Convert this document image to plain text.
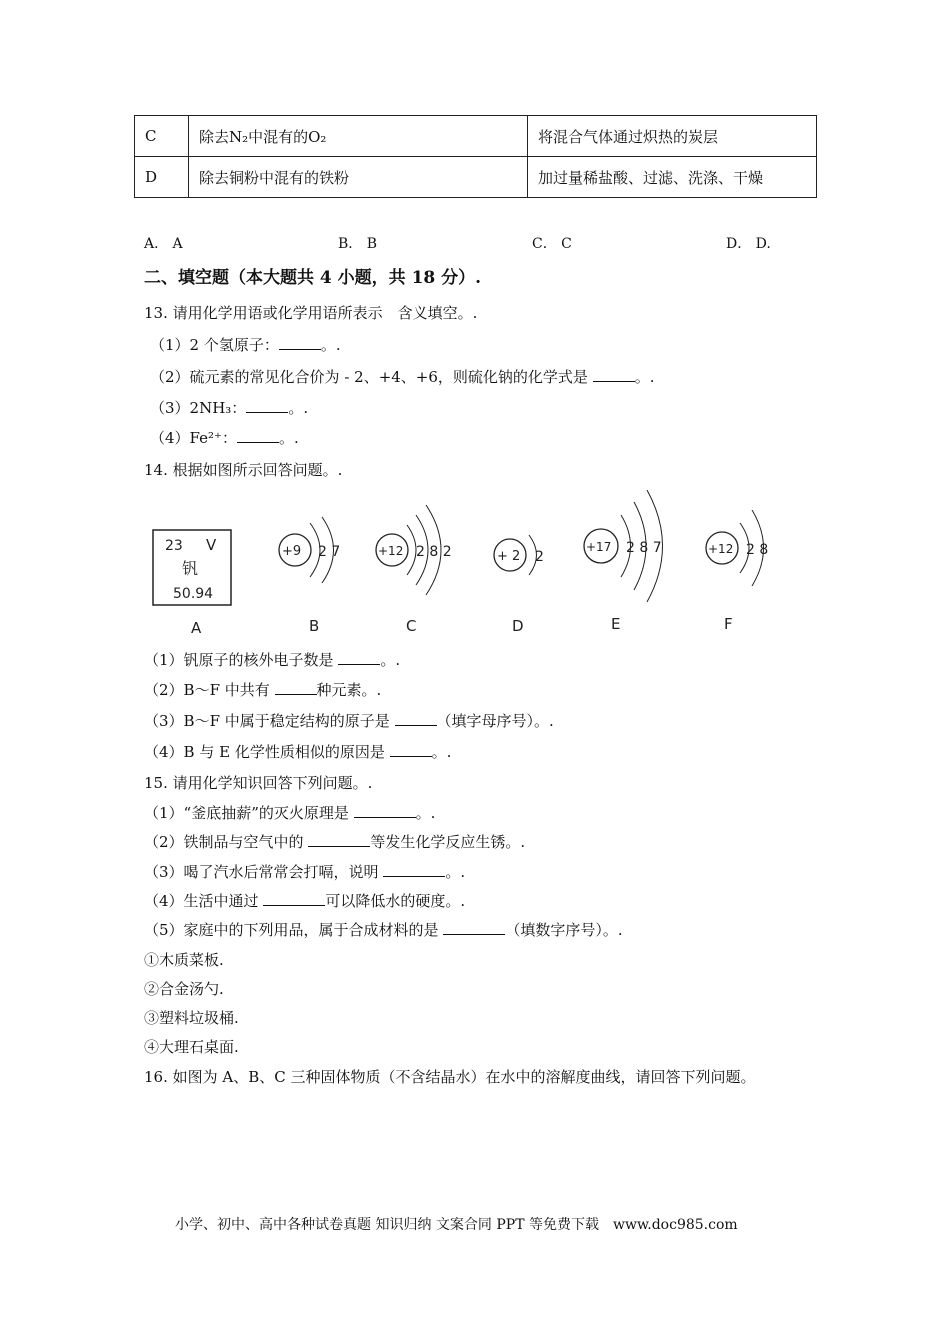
C	除去N₂中混有的O₂	将混合气体通过炽热的炭层
D	除去铜粉中混有的铁粉	加过量稀盐酸、过滤、洗涤、干燥
A． A	B． B	C． C	D． D.
二、填空题（本大题共 4 小题，共 18 分）.
13. 请用化学用语或化学用语所表示　含义填空。.
（1）2 个氢原子：	。.
（2）硫元素的常见化合价为 - 2、+4、+6，则硫化钠的化学式是	。.
（3）2NH₃：	。.
（4）Fe²⁺：	。.
14. 根据如图所示回答问题。.
23 V
钒
50.94
A
+9 2 7
B
+12 2 8 2
C
+ 2 2
D
+17 2 8 7
E
+12 2 8
F
（1）钒原子的核外电子数是	。.
（2）B～F 中共有	种元素。.
（3）B～F 中属于稳定结构的原子是	（填字母序号）。.
（4）B 与 E 化学性质相似的原因是	。.
15. 请用化学知识回答下列问题。.
（1）“釜底抽薪”的灭火原理是	。.
（2）铁制品与空气中的	等发生化学反应生锈。.
（3）喝了汽水后常常会打嗝，说明	。.
（4）生活中通过	可以降低水的硬度。.
（5）家庭中的下列用品，属于合成材料的是	（填数字序号）。.
①木质菜板.
②合金汤勺.
③塑料垃圾桶.
④大理石桌面.
16. 如图为 A、B、C 三种固体物质（不含结晶水）在水中的溶解度曲线，请回答下列问题。
小学、初中、高中各种试卷真题 知识归纳 文案合同 PPT 等免费下载　www.doc985.com
